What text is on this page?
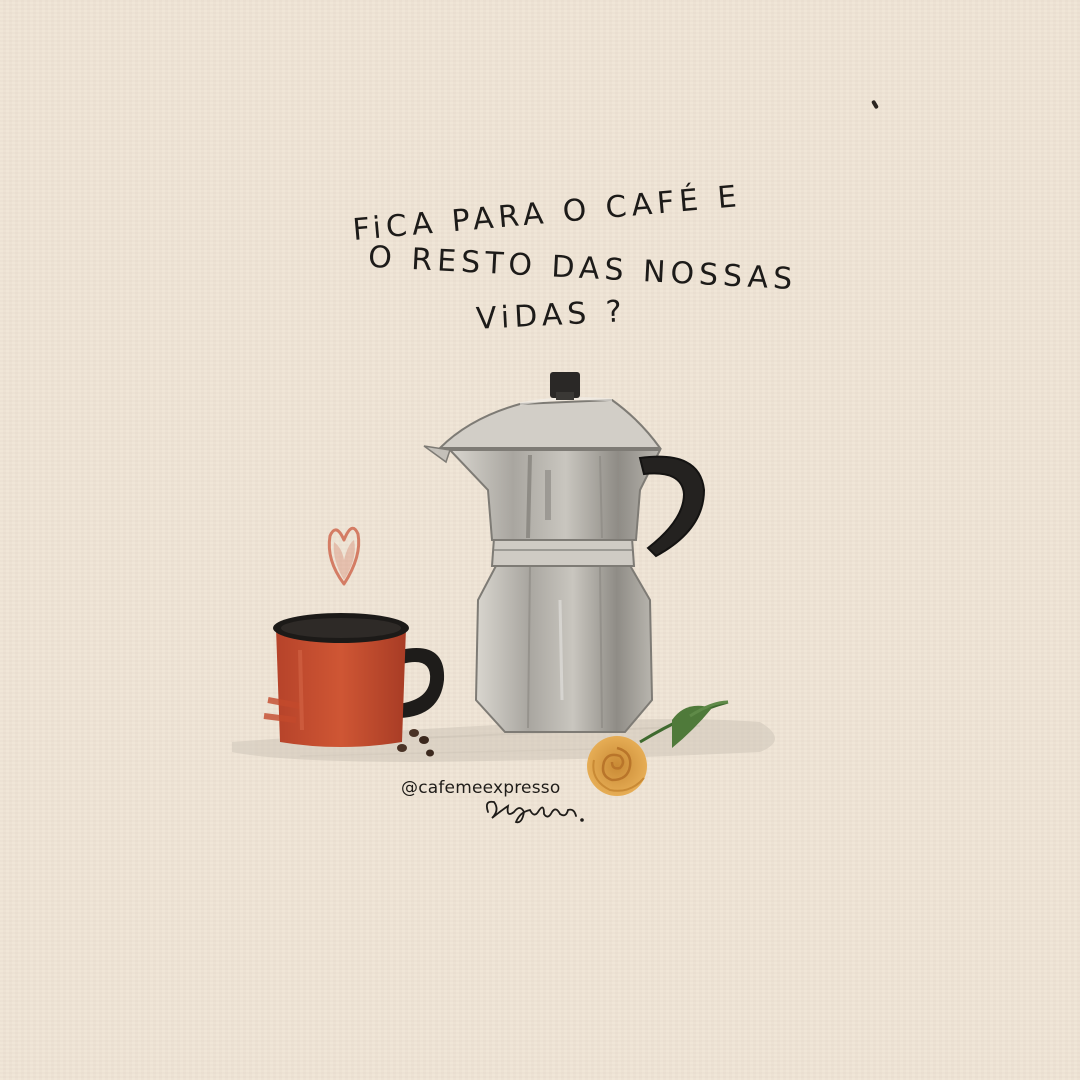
FiCA PARA O CAFÉ E
O RESTO DAS NOSSAS
ViDAS ?
@cafemeexpresso
